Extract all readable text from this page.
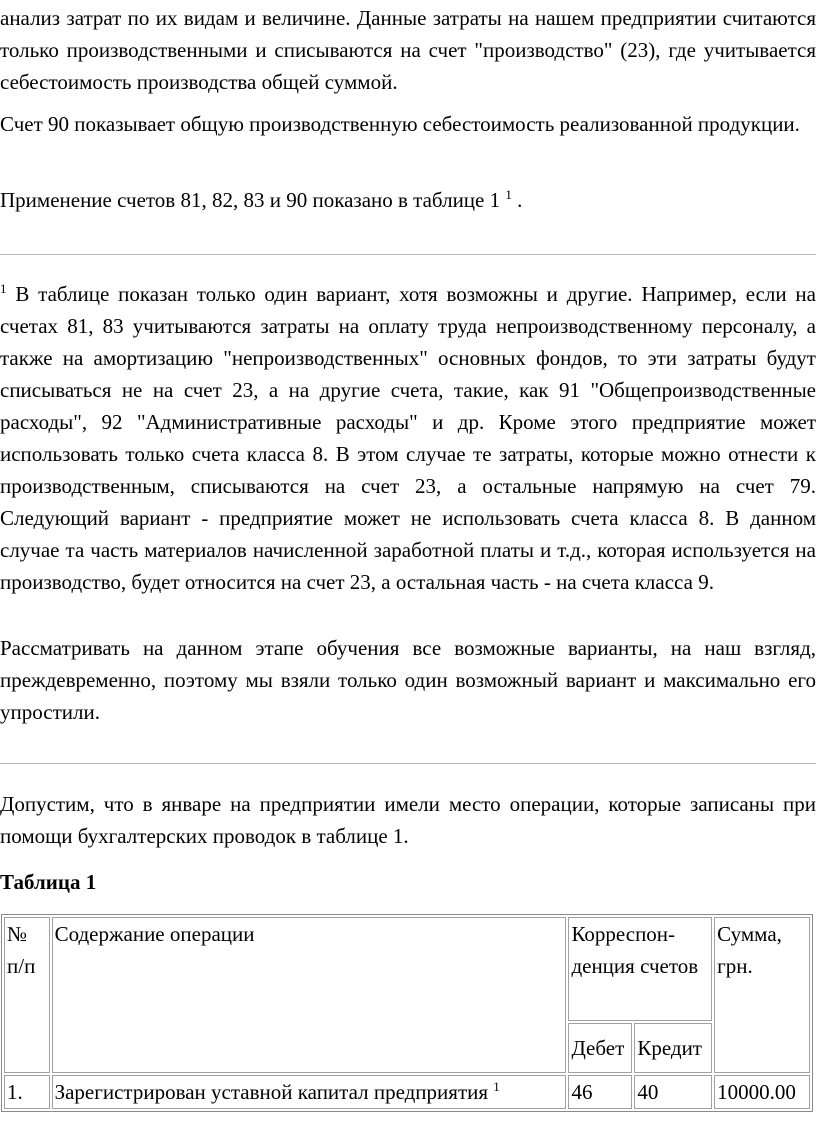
анализ затрат по их видам и величине. Данные затраты на нашем предприятии считаются только производственными и списываются на счет "производство" (23), где учитывается себестоимость производства общей суммой.

Счет 90 показывает общую производственную себестоимость реализованной продукции.

Применение счетов 81, 82, 83 и 90 показано в таблице 1 $^1$ .

$^1$ В таблице показан только один вариант, хотя возможны и другие. Например, если на счетах 81, 83 учитываются затраты на оплату труда непроизводственному персоналу, а также на амортизацию "непроизводственных" основных фондов, то эти затраты будут списываться не на счет 23, а на другие счета, такие, как 91 "Общепроизводственные расходы", 92 "Административные расходы" и др. Кроме этого предприятие может использовать только счета класса 8. В этом случае те затраты, которые можно отнести к производственным, списываются на счет 23, а остальные напрямую на счет 79. Следующий вариант - предприятие может не использовать счета класса 8. В данном случае та часть материалов начисленной заработной платы и т.д., которая используется на производство, будет относится на счет 23, а остальная часть - на счета класса 9.

Рассматривать на данном этапе обучения все возможные варианты, на наш взгляд, преждевременно, поэтому мы взяли только один возможный вариант и максимально его упростили.

Допустим, что в январе на предприятии имели место операции, которые записаны при помощи бухгалтерских проводок в таблице 1.

Таблица 1
№ п/п	Содержание операции	Корреспон-денция счетов		Сумма, грн.
		Дебет	Кредит	
1.	Зарегистрирован уставной капитал предприятия $^1$	46	40	10000.00
